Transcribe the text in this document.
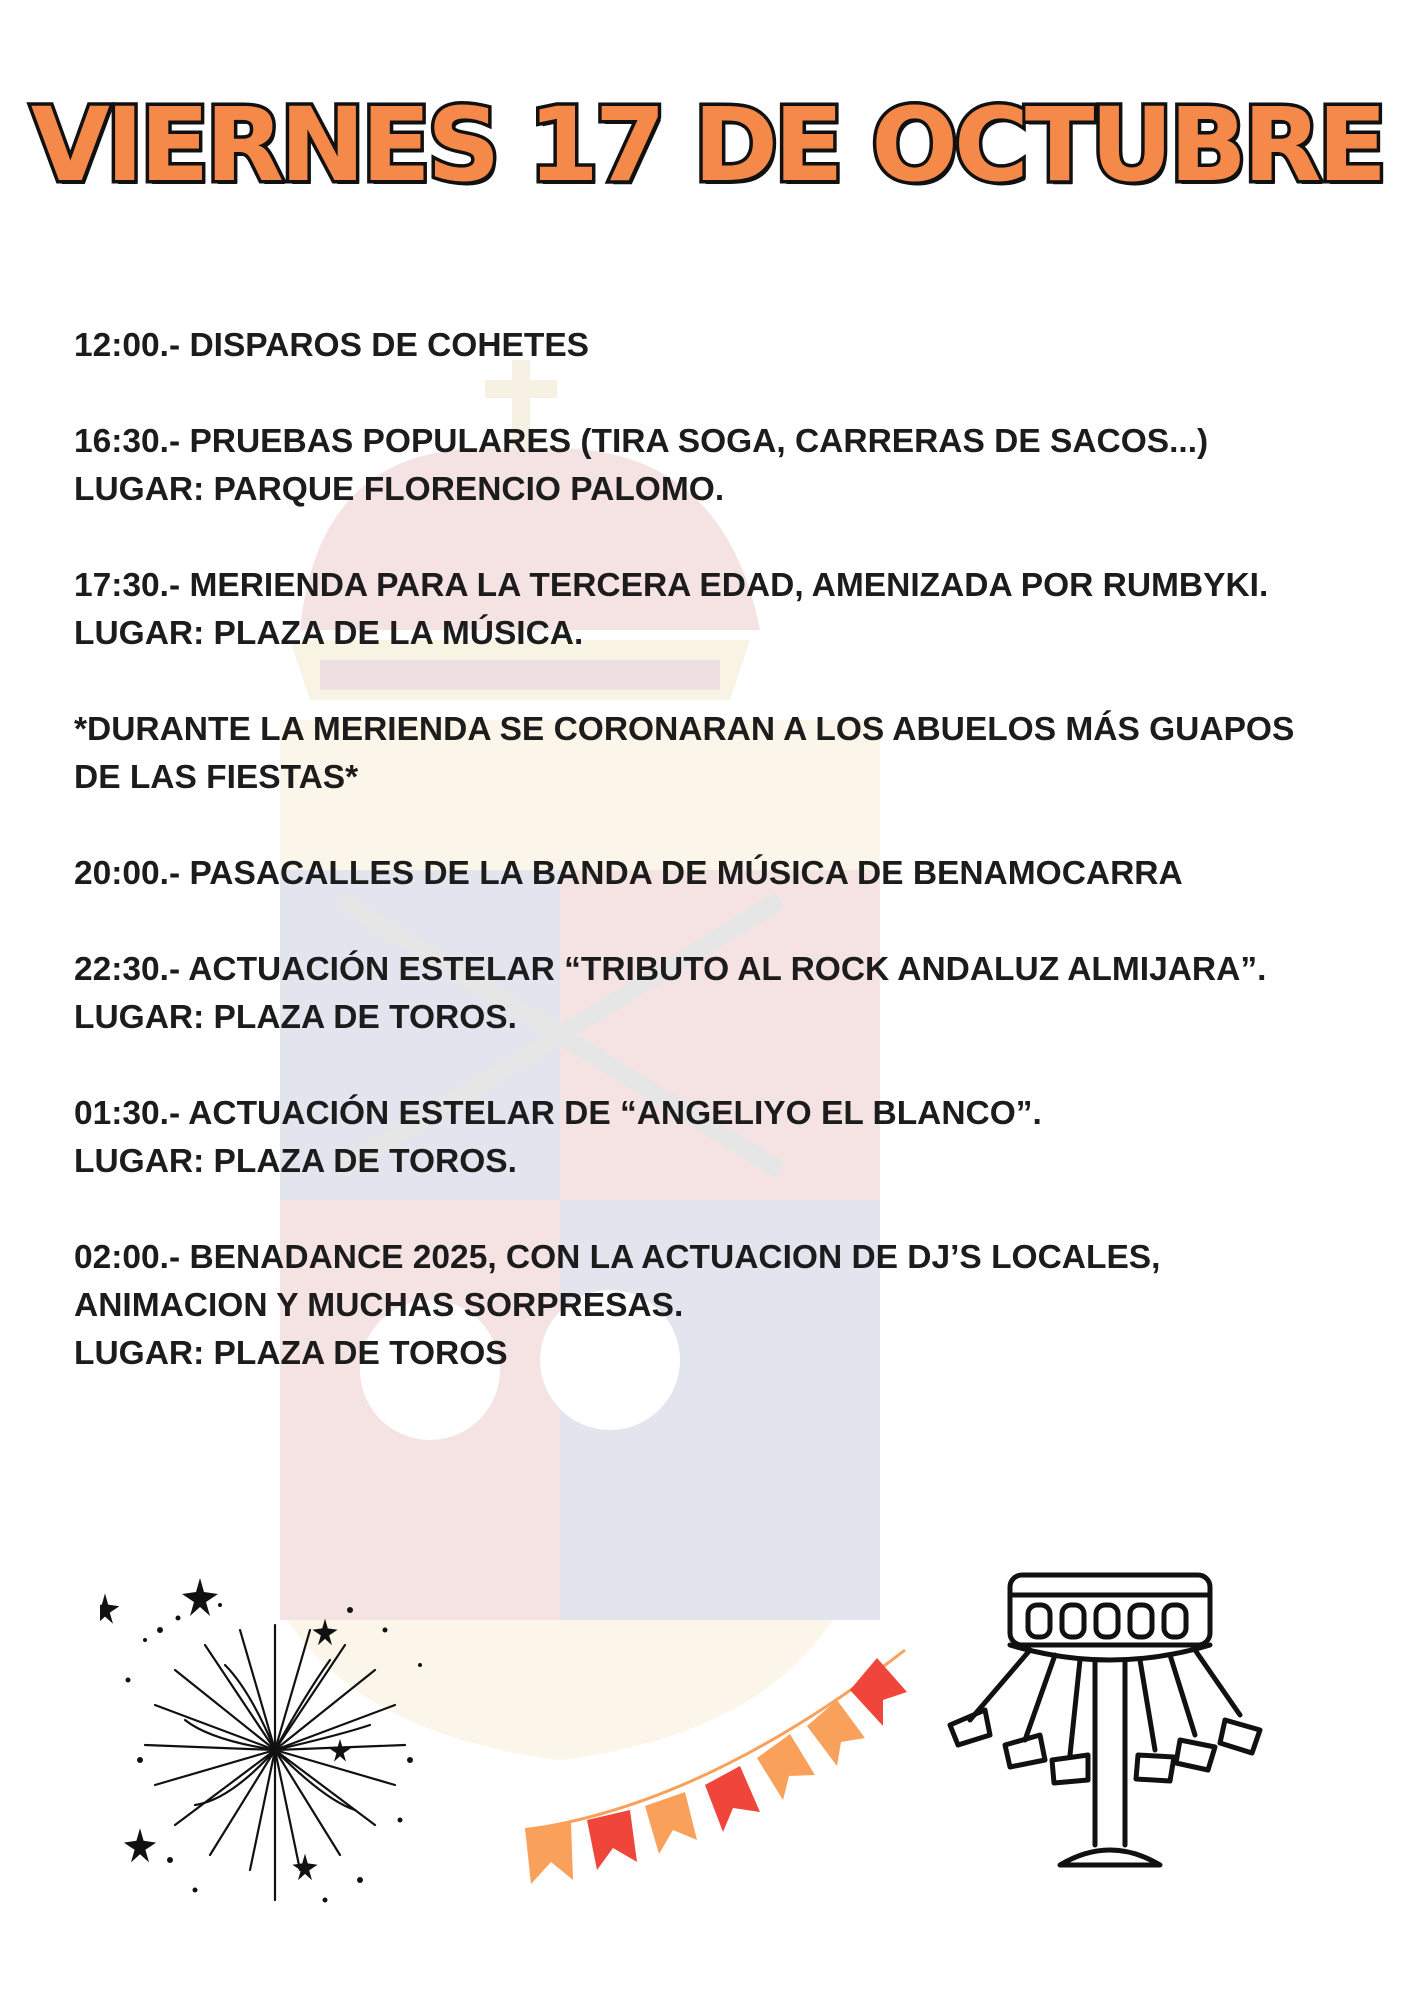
VIERNES 17 DE OCTUBRE
12:00.- DISPAROS DE COHETES
16:30.- PRUEBAS POPULARES (TIRA SOGA, CARRERAS DE SACOS...)
LUGAR: PARQUE FLORENCIO PALOMO.
17:30.- MERIENDA PARA LA TERCERA EDAD, AMENIZADA POR RUMBYKI.
LUGAR: PLAZA DE LA MÚSICA.
*DURANTE LA MERIENDA SE CORONARAN A LOS ABUELOS MÁS GUAPOS
DE LAS FIESTAS*
20:00.- PASACALLES DE LA BANDA DE MÚSICA DE BENAMOCARRA
22:30.- ACTUACIÓN ESTELAR “TRIBUTO AL ROCK ANDALUZ ALMIJARA”.
LUGAR: PLAZA DE TOROS.
01:30.- ACTUACIÓN ESTELAR DE “ANGELIYO EL BLANCO”.
LUGAR: PLAZA DE TOROS.
02:00.- BENADANCE 2025, CON LA ACTUACION DE DJ’S LOCALES,
ANIMACION Y MUCHAS SORPRESAS.
LUGAR: PLAZA DE TOROS
